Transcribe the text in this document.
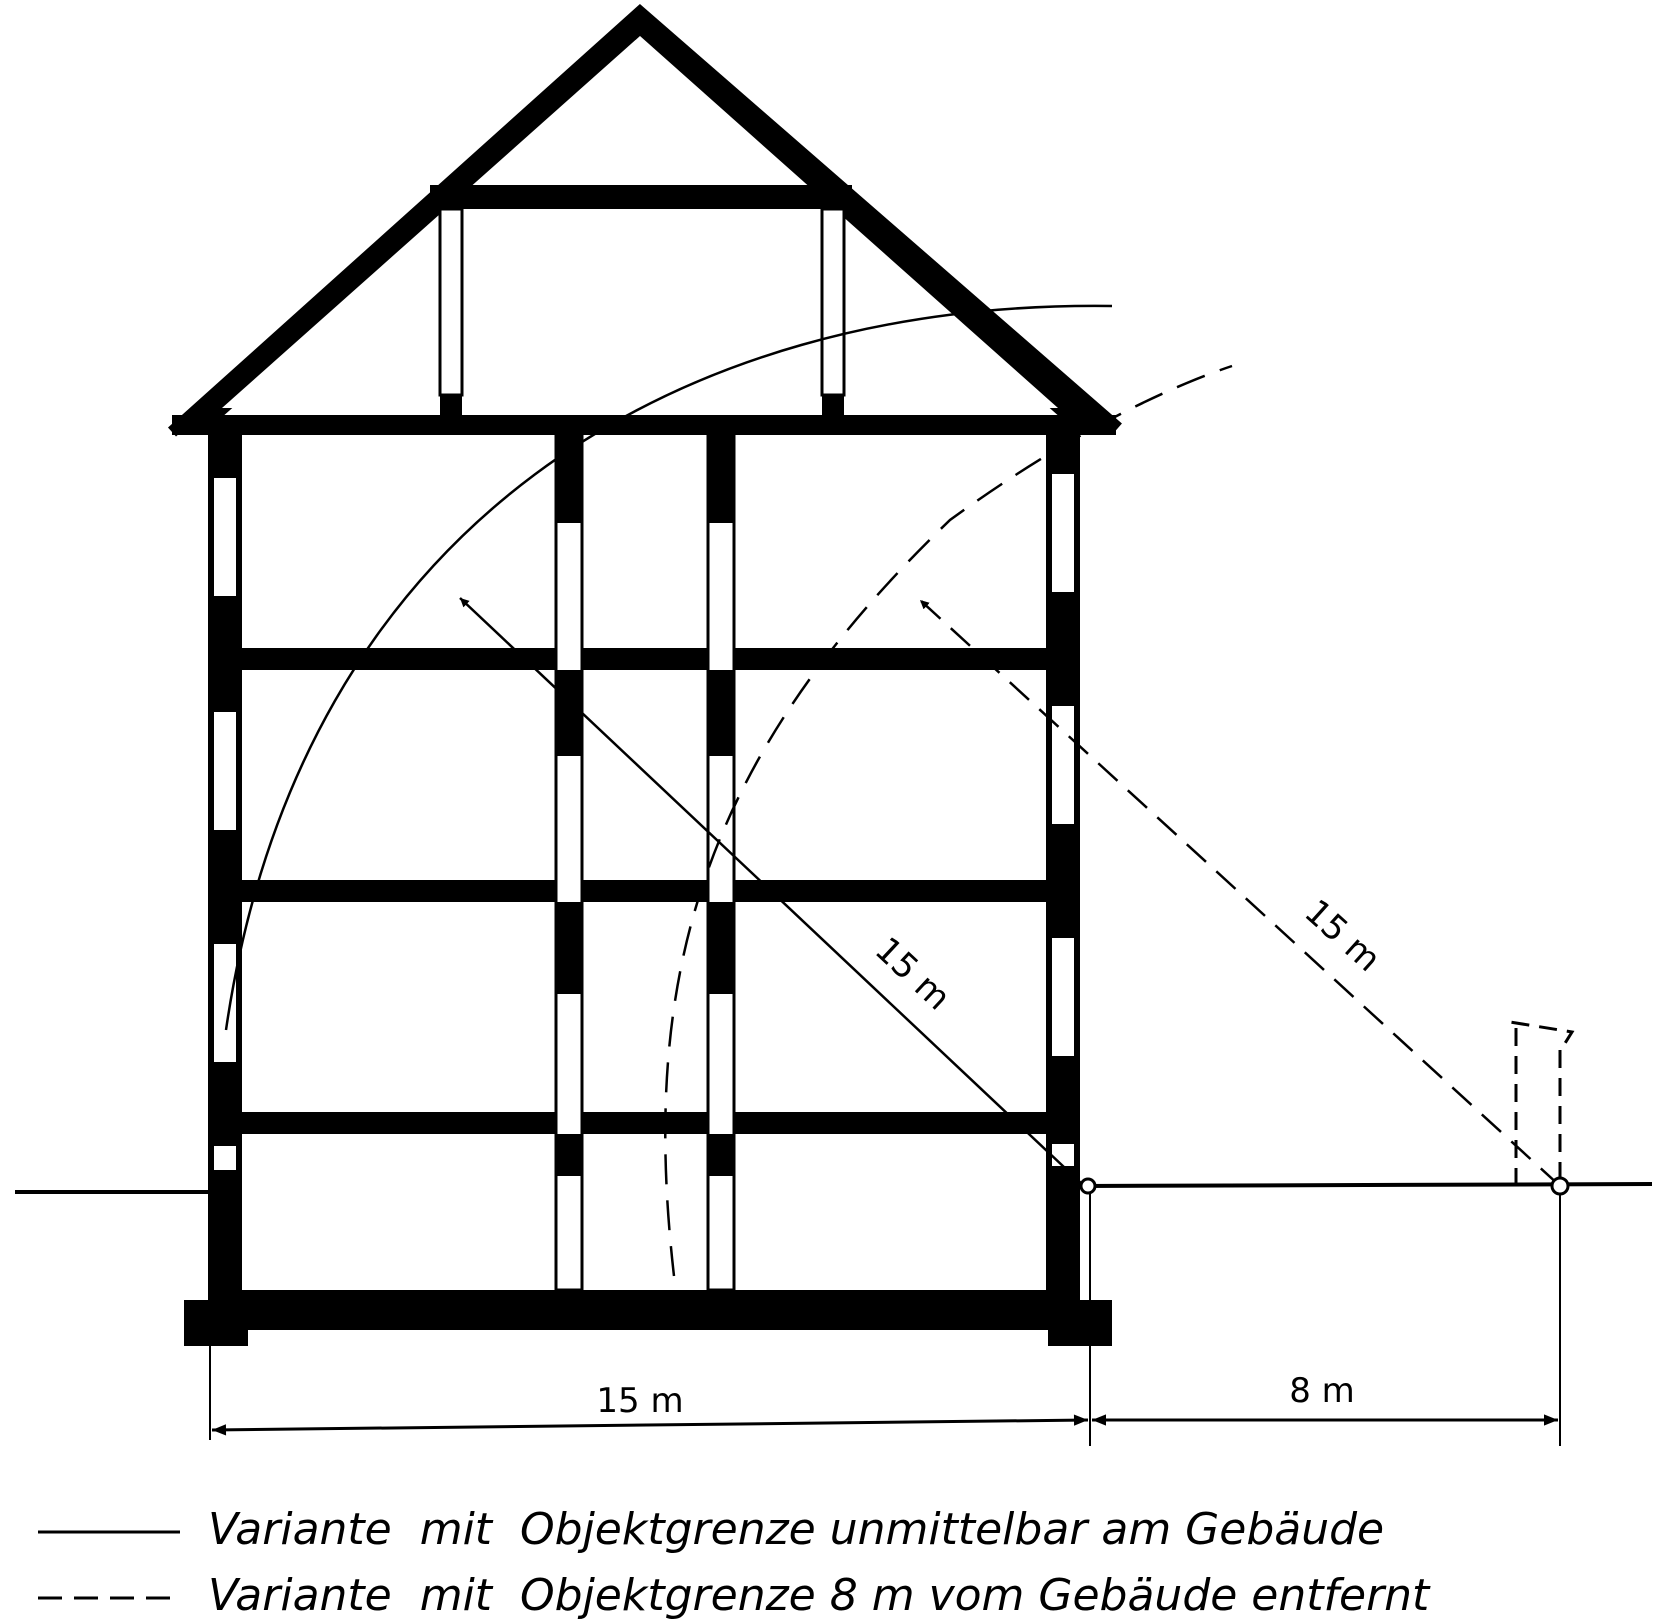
15 m	8 m
15 m	15 m
Variante  mit  Objektgrenze unmittelbar am Gebäude
Variante  mit  Objektgrenze 8 m vom Gebäude entfernt
